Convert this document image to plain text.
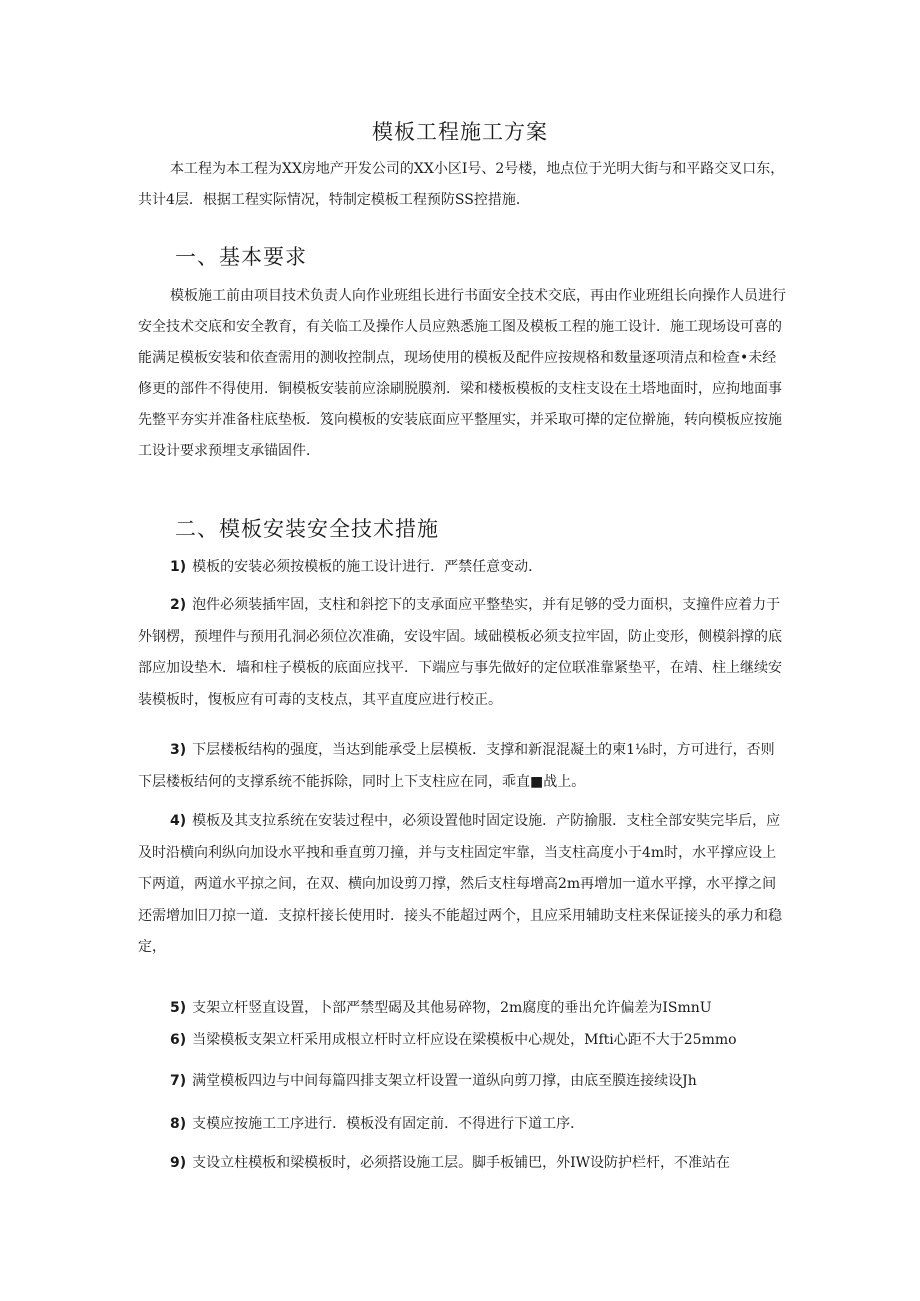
模板工程施工方案

本工程为本工程为XX房地产开发公司的XX小区I号、2号楼，地点位于光明大街与和平路交叉口东，共计4层．根据工程实际情况，特制定模板工程预防SS控措施．

一、基本要求

模板施工前由项目技术负责人向作业班组长进行书面安全技术交底，再由作业班组长向操作人员进行安全技术交底和安全教育，有关临工及操作人员应熟悉施工图及模板工程的施工设计．施工现场设可喜的能满足模板安装和依查需用的测收控制点，现场使用的模板及配件应按规格和数量逐项清点和检查•未经修更的部件不得使用．铜模板安装前应涂刷脱膜剂．梁和楼板模板的支柱支设在土塔地面时，应拘地面事先整平夯实并准备柱底垫板．笈向模板的安装底面应平整厘实，并采取可撵的定位擀施，转向模板应按施工设计要求预埋支承锚固件．

二、模板安装安全技术措施

1) 模板的安装必须按模板的施工设计进行．严禁任意变动．

2) 泡件必须装插牢固，支柱和斜挖下的支承面应平整垫实，并有足够的受力面枳，支撞件应着力于外钢楞，预埋件与预用孔洞必须位次准确，安设牢固。域础模板必须支拉牢固，防止变形，侧模斜撑的底部应加设垫木．墙和柱子模板的底面应找平．下端应与事先做好的定位联准靠紧垫平，在靖、柱上继续安装模板时，愎板应有可毒的支枝点，其平直度应进行校正。

3) 下层楼板结构的强度，当达到能承受上层模板．支撑和新混混凝土的柬1⅛时，方可进行，否则下层楼板结何的支撑系统不能拆除，同时上下支柱应在同，乖直■战上。

4) 模板及其支拉系统在安装过程中，必须设置他时固定设施．产防揄服．支柱全部安奘完毕后，应及时沿横向利纵向加设水平拽和垂直剪刀撞，并与支柱固定牢靠，当支柱高度小于4m时，水平撑应设上下两道，两道水平掠之间，在双、横向加设剪刀撑，然后支柱每增高2m再增加一道水平撑，水平撑之间还需增加旧刀掠一道．支掠杆接长使用时．接头不能超过两个，且应采用辅助支柱来保证接头的承力和稳定，

5) 支架立杆竖直设置，卜部严禁型碣及其他易碎物，2m腐度的垂出允许偏差为ISmnU

6) 当梁模板支架立杆采用成根立杆时立杆应设在梁模板中心规处，Mfti心距不大于25mmo

7) 满堂模板四边与中间每篇四排支架立杆设置一道纵向剪刀撑，由底至膜连接续设Jh

8) 支模应按施工工序进行．模板没有固定前．不得进行下道工序．

9) 支设立柱模板和梁模板时，必须搭设施工层。脚手板铺巴，外IW设防护栏杆，不准站在
